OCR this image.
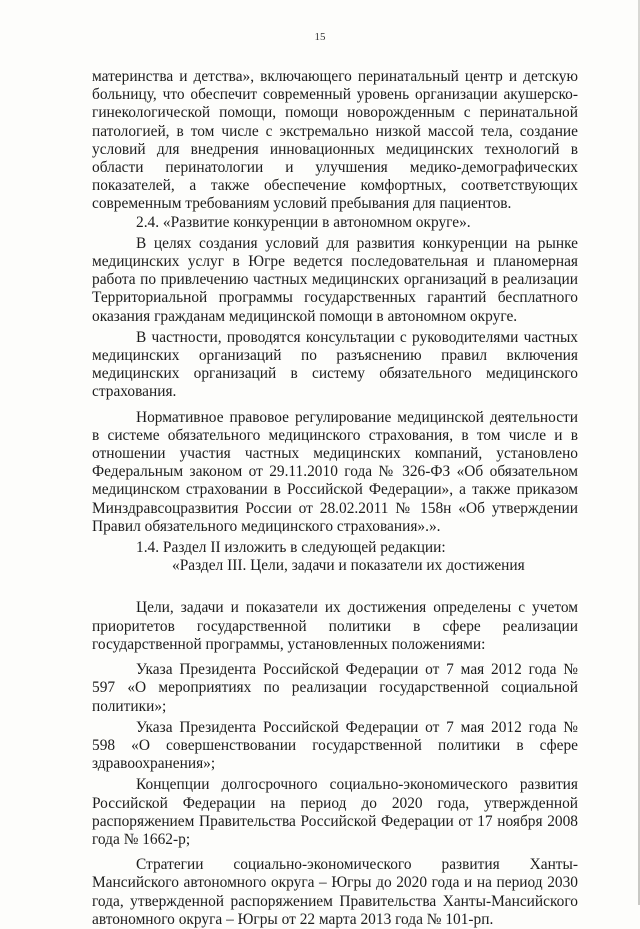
15

материнства и детства», включающего перинатальный центр и детскую больницу, что обеспечит современный уровень организации акушерско-гинекологической помощи, помощи новорожденным с перинатальной патологией, в том числе с экстремально низкой массой тела, создание условий для внедрения инновационных медицинских технологий в области перинатологии и улучшения медико-демографических показателей, а также обеспечение комфортных, соответствующих современным требованиям условий пребывания для пациентов.

2.4. «Развитие конкуренции в автономном округе».

В целях создания условий для развития конкуренции на рынке медицинских услуг в Югре ведется последовательная и планомерная работа по привлечению частных медицинских организаций в реализации Территориальной программы государственных гарантий бесплатного оказания гражданам медицинской помощи в автономном округе.

В частности, проводятся консультации с руководителями частных медицинских организаций по разъяснению правил включения медицинских организаций в систему обязательного медицинского страхования.

Нормативное правовое регулирование медицинской деятельности в системе обязательного медицинского страхования, в том числе и в отношении участия частных медицинских компаний, установлено Федеральным законом от 29.11.2010 года № 326-ФЗ «Об обязательном медицинском страховании в Российской Федерации», а также приказом Минздравсоцразвития России от 28.02.2011 № 158н «Об утверждении Правил обязательного медицинского страхования».».

1.4. Раздел II изложить в следующей редакции:

«Раздел III. Цели, задачи и показатели их достижения

Цели, задачи и показатели их достижения определены с учетом приоритетов государственной политики в сфере реализации государственной программы, установленных положениями:

Указа Президента Российской Федерации от 7 мая 2012 года № 597 «О мероприятиях по реализации государственной социальной политики»;

Указа Президента Российской Федерации от 7 мая 2012 года № 598 «О совершенствовании государственной политики в сфере здравоохранения»;

Концепции долгосрочного социально-экономического развития Российской Федерации на период до 2020 года, утвержденной распоряжением Правительства Российской Федерации от 17 ноября 2008 года № 1662-р;

Стратегии социально-экономического развития Ханты-Мансийского автономного округа – Югры до 2020 года и на период 2030 года, утвержденной распоряжением Правительства Ханты-Мансийского автономного округа – Югры от 22 марта 2013 года № 101-рп.
